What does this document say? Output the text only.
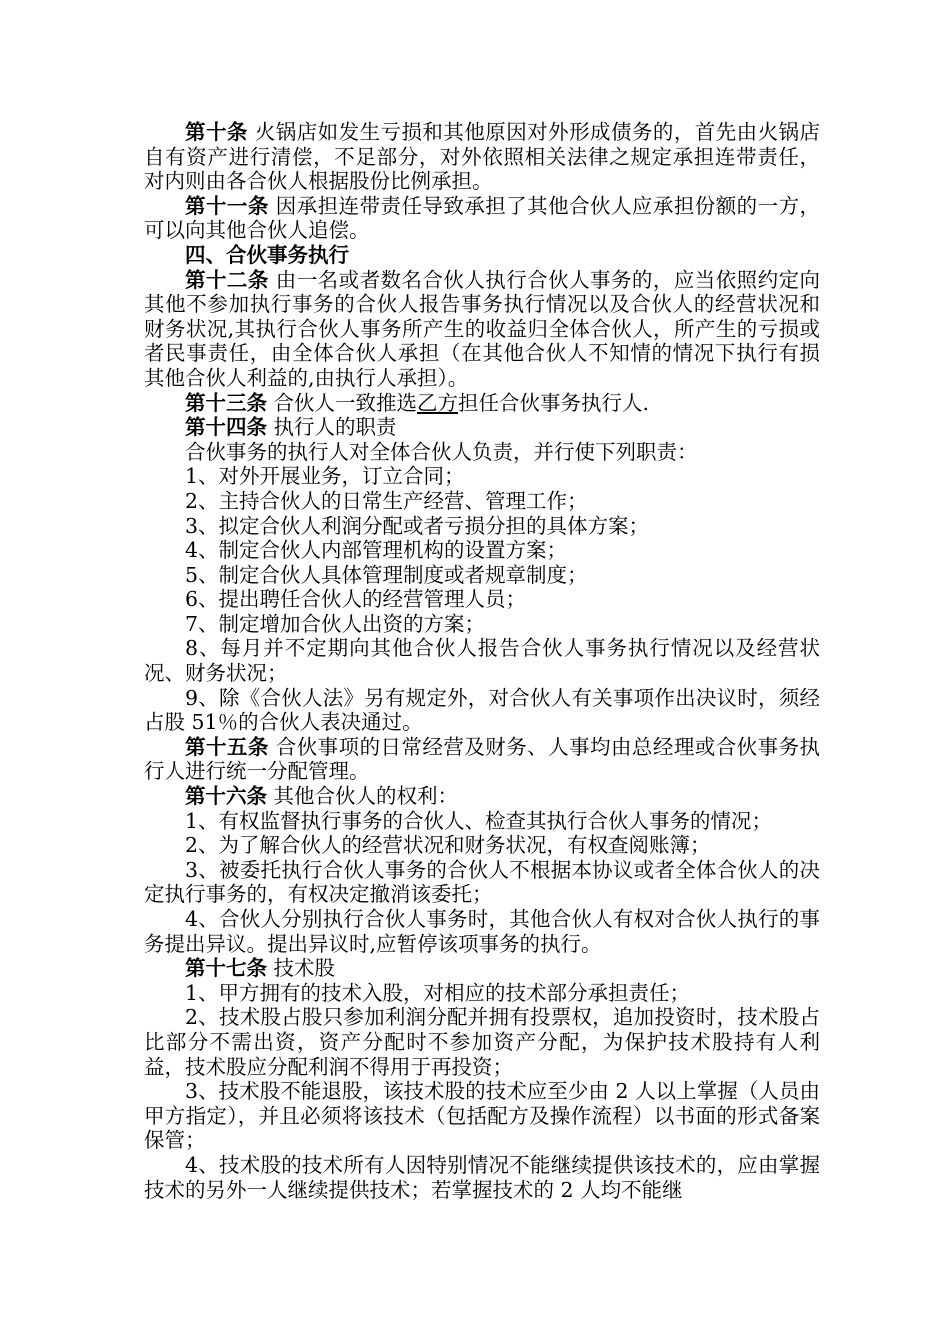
第十条 火锅店如发生亏损和其他原因对外形成债务的，首先由火锅店自有资产进行清偿，不足部分，对外依照相关法律之规定承担连带责任，对内则由各合伙人根据股份比例承担。

第十一条 因承担连带责任导致承担了其他合伙人应承担份额的一方，可以向其他合伙人追偿。

四、合伙事务执行

第十二条 由一名或者数名合伙人执行合伙人事务的，应当依照约定向其他不参加执行事务的合伙人报告事务执行情况以及合伙人的经营状况和财务状况,其执行合伙人事务所产生的收益归全体合伙人，所产生的亏损或者民事责任，由全体合伙人承担（在其他合伙人不知情的情况下执行有损其他合伙人利益的,由执行人承担）。

第十三条 合伙人一致推选乙方担任合伙事务执行人.

第十四条 执行人的职责

合伙事务的执行人对全体合伙人负责，并行使下列职责：

1、对外开展业务，订立合同；

2、主持合伙人的日常生产经营、管理工作；

3、拟定合伙人利润分配或者亏损分担的具体方案；

4、制定合伙人内部管理机构的设置方案；

5、制定合伙人具体管理制度或者规章制度；

6、提出聘任合伙人的经营管理人员；

7、制定增加合伙人出资的方案；

8、每月并不定期向其他合伙人报告合伙人事务执行情况以及经营状况、财务状况；

9、除《合伙人法》另有规定外，对合伙人有关事项作出决议时，须经占股 51％的合伙人表决通过。

第十五条 合伙事项的日常经营及财务、人事均由总经理或合伙事务执行人进行统一分配管理。

第十六条 其他合伙人的权利：

1、有权监督执行事务的合伙人、检查其执行合伙人事务的情况；

2、为了解合伙人的经营状况和财务状况，有权查阅账簿；

3、被委托执行合伙人事务的合伙人不根据本协议或者全体合伙人的决定执行事务的，有权决定撤消该委托；

4、合伙人分别执行合伙人事务时，其他合伙人有权对合伙人执行的事务提出异议。提出异议时,应暂停该项事务的执行。

第十七条 技术股

1、甲方拥有的技术入股，对相应的技术部分承担责任；

2、技术股占股只参加利润分配并拥有投票权，追加投资时，技术股占比部分不需出资，资产分配时不参加资产分配，为保护技术股持有人利益，技术股应分配利润不得用于再投资；

3、技术股不能退股，该技术股的技术应至少由 2 人以上掌握（人员由甲方指定），并且必须将该技术（包括配方及操作流程）以书面的形式备案保管；

4、技术股的技术所有人因特别情况不能继续提供该技术的，应由掌握技术的另外一人继续提供技术；若掌握技术的 2 人均不能继
